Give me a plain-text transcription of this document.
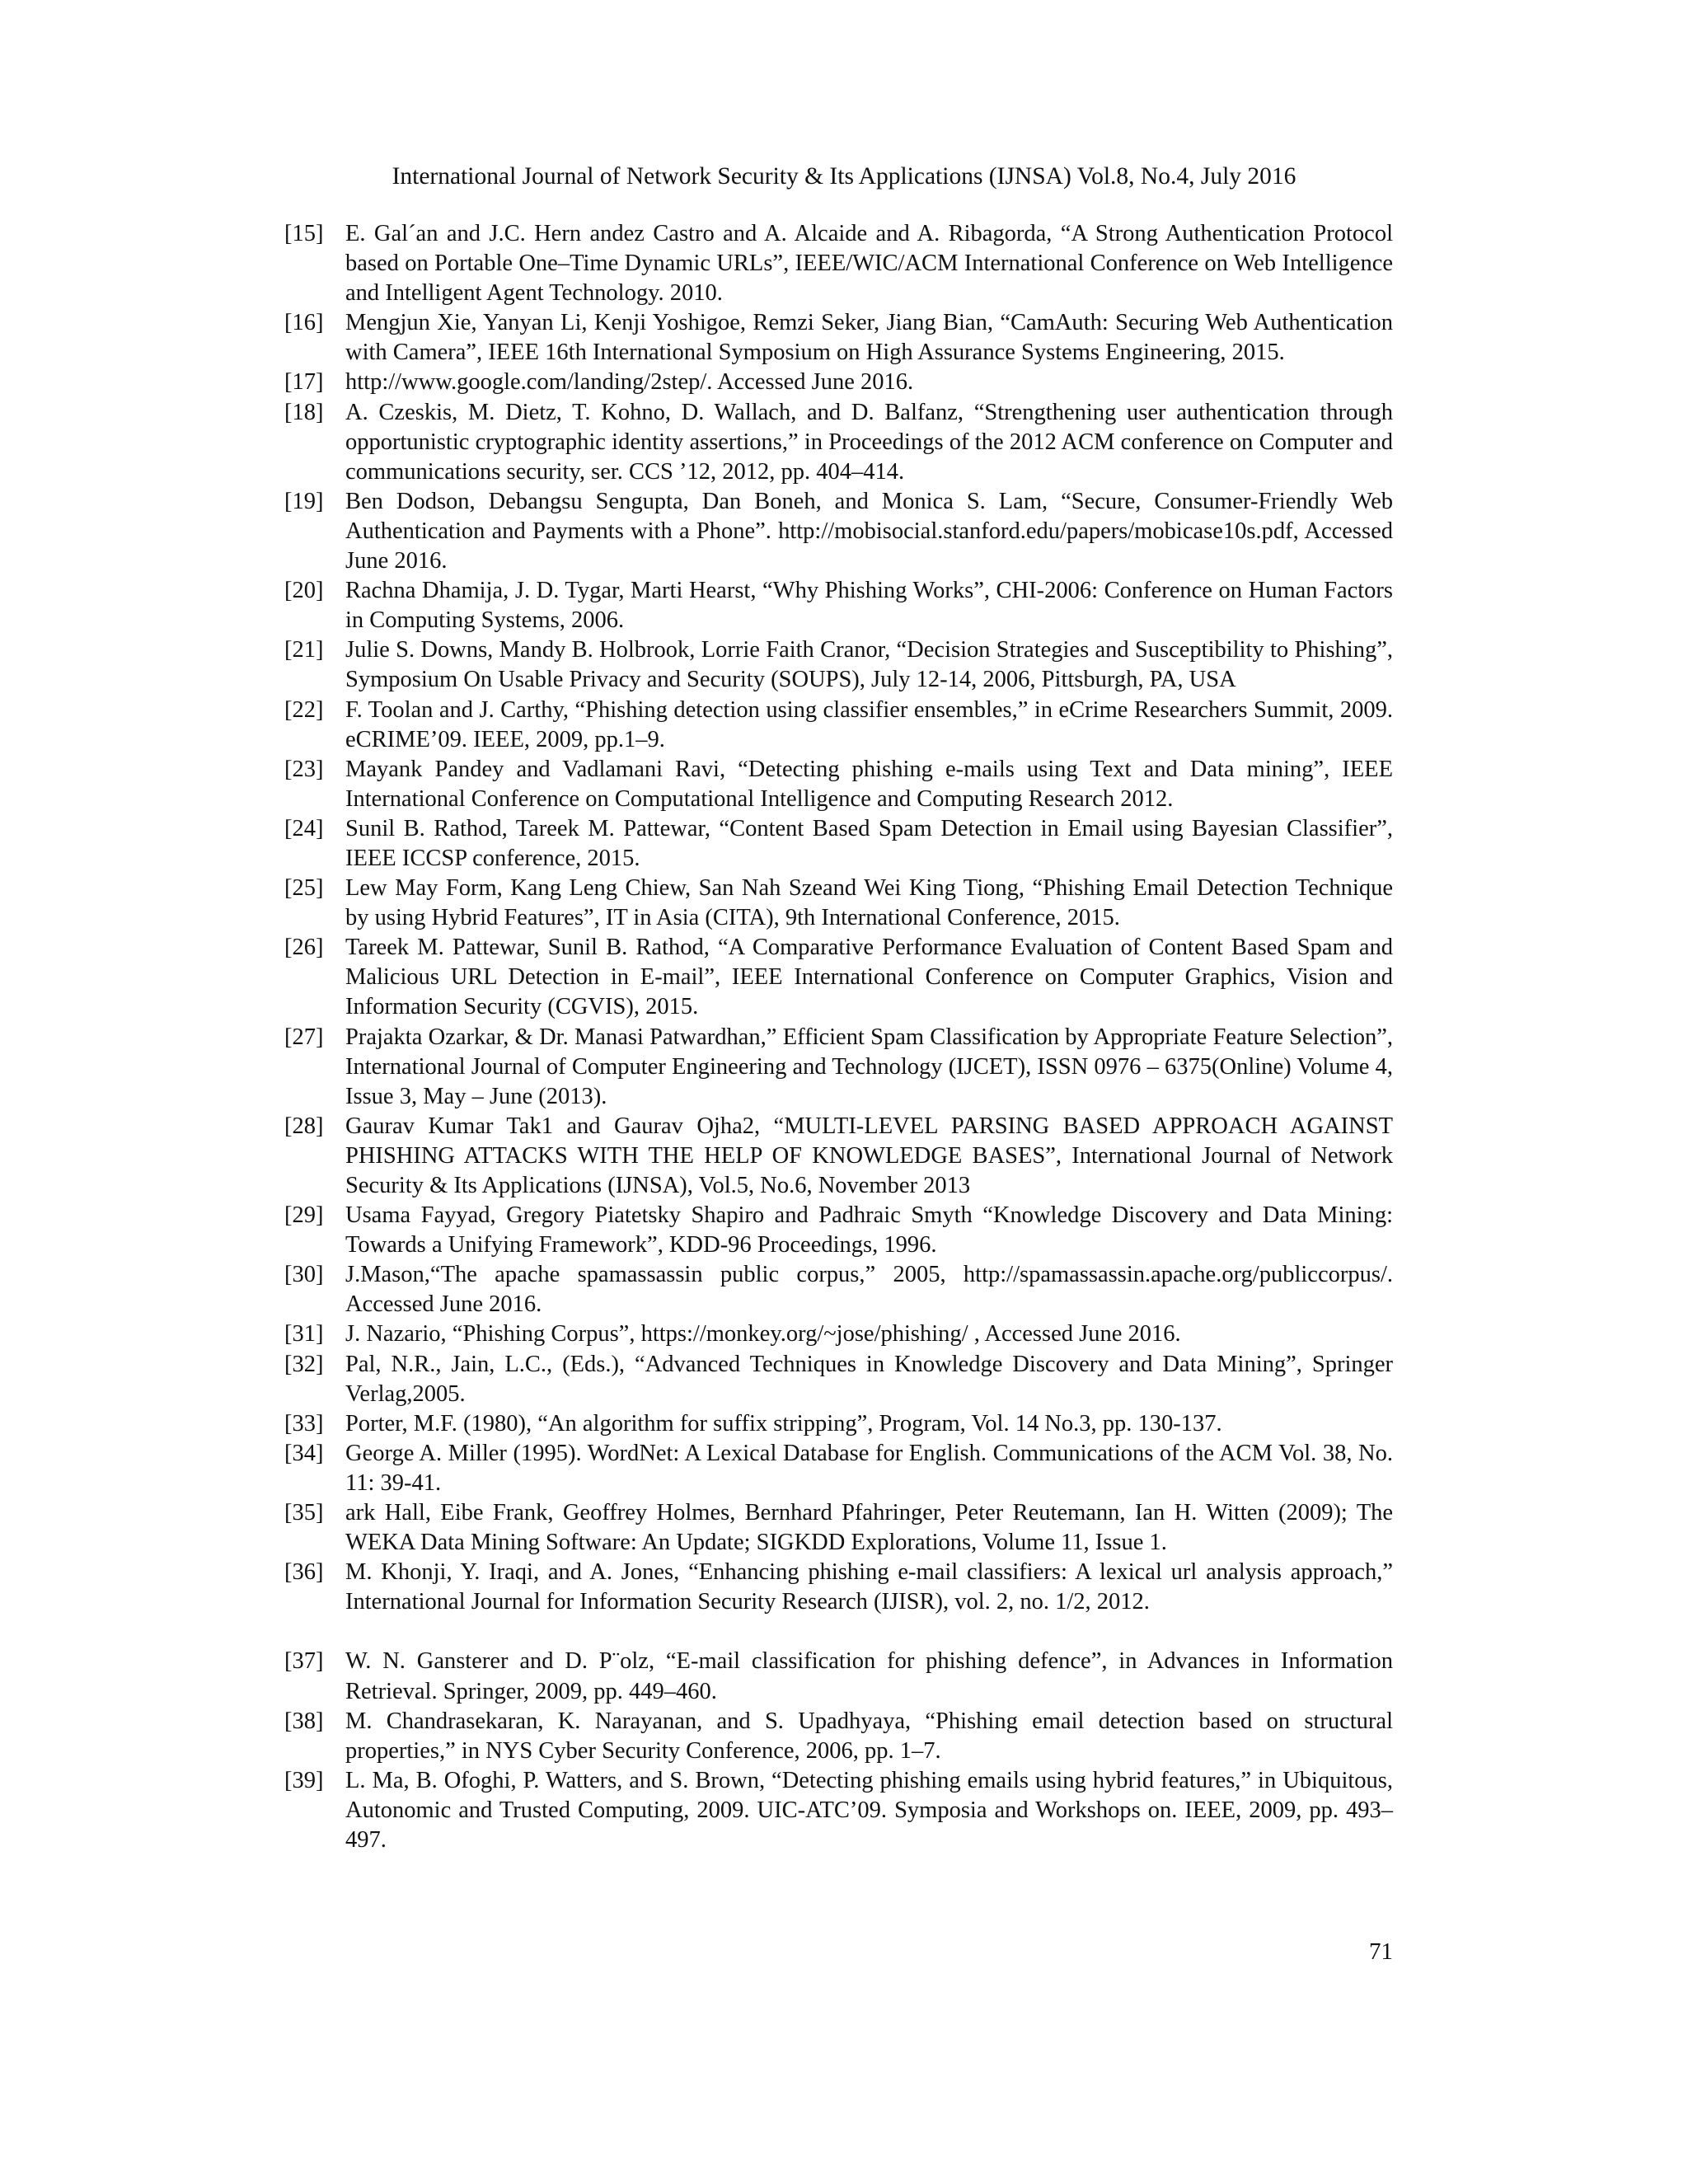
International Journal of Network Security & Its Applications (IJNSA) Vol.8, No.4, July 2016
[15] E. Gal´an and J.C. Hern andez Castro and A. Alcaide and A. Ribagorda, “A Strong Authentication Protocol based on Portable One–Time Dynamic URLs”, IEEE/WIC/ACM International Conference on Web Intelligence and Intelligent Agent Technology. 2010.
[16] Mengjun Xie, Yanyan Li, Kenji Yoshigoe, Remzi Seker, Jiang Bian, “CamAuth: Securing Web Authentication with Camera”, IEEE 16th International Symposium on High Assurance Systems Engineering, 2015.
[17] http://www.google.com/landing/2step/. Accessed June 2016.
[18] A. Czeskis, M. Dietz, T. Kohno, D. Wallach, and D. Balfanz, “Strengthening user authentication through opportunistic cryptographic identity assertions,” in Proceedings of the 2012 ACM conference on Computer and communications security, ser. CCS ’12, 2012, pp. 404–414.
[19] Ben Dodson, Debangsu Sengupta, Dan Boneh, and Monica S. Lam, “Secure, Consumer-Friendly Web Authentication and Payments with a Phone”. http://mobisocial.stanford.edu/papers/mobicase10s.pdf, Accessed June 2016.
[20] Rachna Dhamija, J. D. Tygar, Marti Hearst, “Why Phishing Works”, CHI-2006: Conference on Human Factors in Computing Systems, 2006.
[21] Julie S. Downs, Mandy B. Holbrook, Lorrie Faith Cranor, “Decision Strategies and Susceptibility to Phishing”, Symposium On Usable Privacy and Security (SOUPS), July 12-14, 2006, Pittsburgh, PA, USA
[22] F. Toolan and J. Carthy, “Phishing detection using classifier ensembles,” in eCrime Researchers Summit, 2009. eCRIME’09. IEEE, 2009, pp.1–9.
[23] Mayank Pandey and Vadlamani Ravi, “Detecting phishing e-mails using Text and Data mining”, IEEE International Conference on Computational Intelligence and Computing Research 2012.
[24] Sunil B. Rathod, Tareek M. Pattewar, “Content Based Spam Detection in Email using Bayesian Classifier”, IEEE ICCSP conference, 2015.
[25] Lew May Form, Kang Leng Chiew, San Nah Szeand Wei King Tiong, “Phishing Email Detection Technique by using Hybrid Features”, IT in Asia (CITA), 9th International Conference, 2015.
[26] Tareek M. Pattewar, Sunil B. Rathod, “A Comparative Performance Evaluation of Content Based Spam and Malicious URL Detection in E-mail”, IEEE International Conference on Computer Graphics, Vision and Information Security (CGVIS), 2015.
[27] Prajakta Ozarkar, & Dr. Manasi Patwardhan,” Efficient Spam Classification by Appropriate Feature Selection”, International Journal of Computer Engineering and Technology (IJCET), ISSN 0976 – 6375(Online) Volume 4, Issue 3, May – June (2013).
[28] Gaurav Kumar Tak1 and Gaurav Ojha2, “MULTI-LEVEL PARSING BASED APPROACH AGAINST PHISHING ATTACKS WITH THE HELP OF KNOWLEDGE BASES”, International Journal of Network Security & Its Applications (IJNSA), Vol.5, No.6, November 2013
[29] Usama Fayyad, Gregory Piatetsky Shapiro and Padhraic Smyth “Knowledge Discovery and Data Mining: Towards a Unifying Framework”, KDD-96 Proceedings, 1996.
[30] J.Mason,“The apache spamassassin public corpus,” 2005, http://spamassassin.apache.org/publiccorpus/. Accessed June 2016.
[31] J. Nazario, “Phishing Corpus”, https://monkey.org/~jose/phishing/ , Accessed June 2016.
[32] Pal, N.R., Jain, L.C., (Eds.), “Advanced Techniques in Knowledge Discovery and Data Mining”, Springer Verlag,2005.
[33] Porter, M.F. (1980), “An algorithm for suffix stripping”, Program, Vol. 14 No.3, pp. 130-137.
[34] George A. Miller (1995). WordNet: A Lexical Database for English. Communications of the ACM Vol. 38, No. 11: 39-41.
[35] ark Hall, Eibe Frank, Geoffrey Holmes, Bernhard Pfahringer, Peter Reutemann, Ian H. Witten (2009); The WEKA Data Mining Software: An Update; SIGKDD Explorations, Volume 11, Issue 1.
[36] M. Khonji, Y. Iraqi, and A. Jones, “Enhancing phishing e-mail classifiers: A lexical url analysis approach,” International Journal for Information Security Research (IJISR), vol. 2, no. 1/2, 2012.
[37] W. N. Gansterer and D. P¨olz, “E-mail classification for phishing defence”, in Advances in Information Retrieval. Springer, 2009, pp. 449–460.
[38] M. Chandrasekaran, K. Narayanan, and S. Upadhyaya, “Phishing email detection based on structural properties,” in NYS Cyber Security Conference, 2006, pp. 1–7.
[39] L. Ma, B. Ofoghi, P. Watters, and S. Brown, “Detecting phishing emails using hybrid features,” in Ubiquitous, Autonomic and Trusted Computing, 2009. UIC-ATC’09. Symposia and Workshops on. IEEE, 2009, pp. 493–497.
71
